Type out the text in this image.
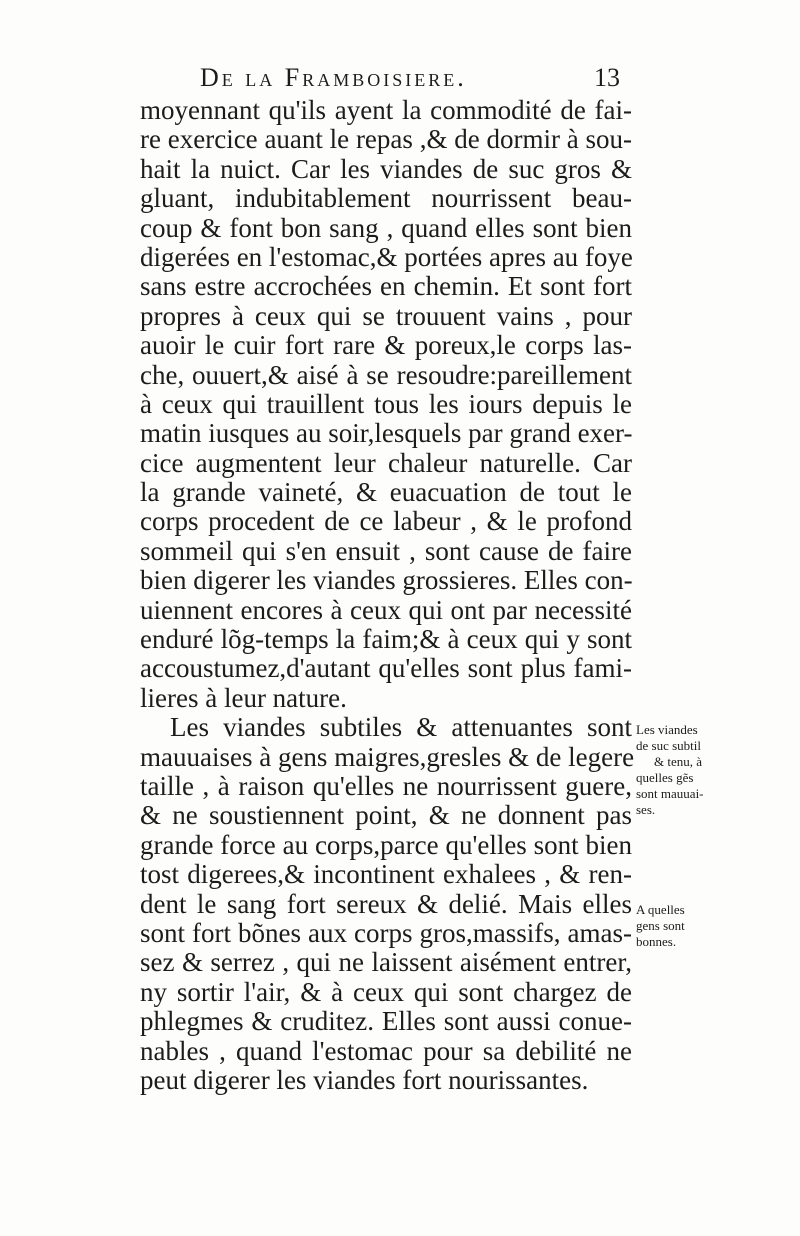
De la Framboisiere.	13
moyennant qu'ils ayent la commodité de fai-
re exercice auant le repas ,& de dormir à sou-
hait la nuict. Car les viandes de suc gros &
gluant, indubitablement nourrissent beau-
coup & font bon sang , quand elles sont bien
digerées en l'estomac,& portées apres au foye
sans estre accrochées en chemin. Et sont fort
propres à ceux qui se trouuent vains , pour
auoir le cuir fort rare & poreux,le corps las-
che, ouuert,& aisé à se resoudre:pareillement
à ceux qui trauillent tous les iours depuis le
matin iusques au soir,lesquels par grand exer-
cice augmentent leur chaleur naturelle. Car
la grande vaineté, & euacuation de tout le
corps procedent de ce labeur , & le profond
sommeil qui s'en ensuit , sont cause de faire
bien digerer les viandes grossieres. Elles con-
uiennent encores à ceux qui ont par necessité
enduré lõg-temps la faim;& à ceux qui y sont
accoustumez,d'autant qu'elles sont plus fami-
lieres à leur nature.
Les viandes subtiles & attenuantes sont
mauuaises à gens maigres,gresles & de legere
taille , à raison qu'elles ne nourrissent guere,
& ne soustiennent point, & ne donnent pas
grande force au corps,parce qu'elles sont bien
tost digerees,& incontinent exhalees , & ren-
dent le sang fort sereux & delié. Mais elles
sont fort bõnes aux corps gros,massifs, amas-
sez & serrez , qui ne laissent aisément entrer,
ny sortir l'air, & à ceux qui sont chargez de
phlegmes & cruditez. Elles sont aussi conue-
nables , quand l'estomac pour sa debilité ne
peut digerer les viandes fort nourissantes.
Les viandes
de suc subtil
& tenu, à
quelles gẽs
sont mauuai-
ses.
A quelles
gens sont
bonnes.
